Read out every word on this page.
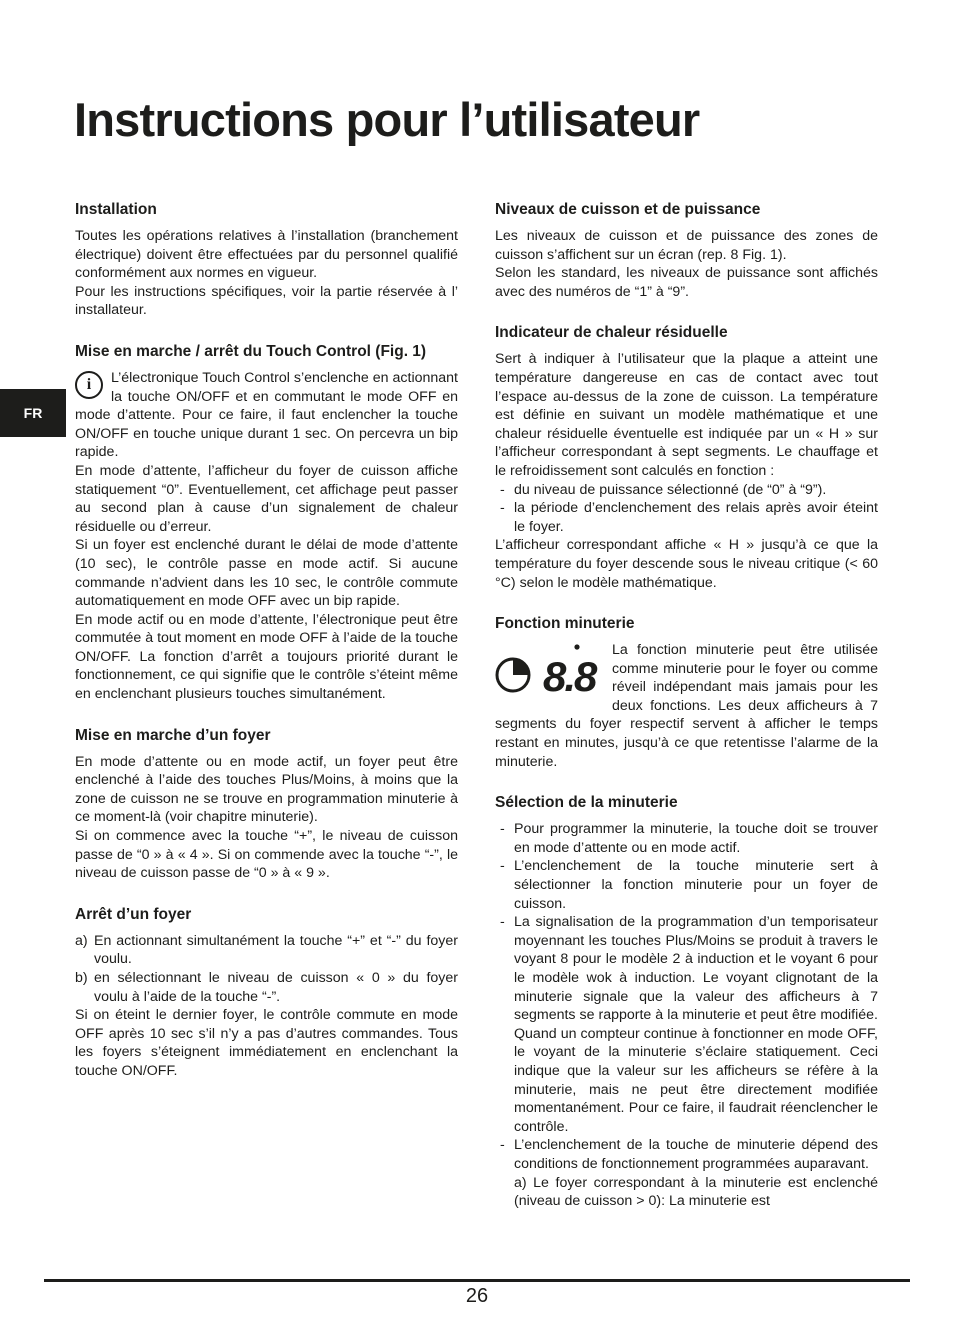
Instructions pour l’utilisateur
FR
Installation

Toutes les opérations relatives à l’installation (branchement électrique) doivent être effectuées par du personnel qualifié conformément aux normes en vigueur.

Pour les instructions spécifiques, voir la partie réservée à l’ installateur.

Mise en marche / arrêt du Touch Control (Fig. 1)

i L’électronique Touch Control s’enclenche en actionnant la touche ON/OFF et en commutant le mode OFF en mode d’attente. Pour ce faire, il faut enclencher la touche ON/OFF en touche unique durant 1 sec. On percevra un bip rapide.

En mode d’attente, l’afficheur du foyer de cuisson affiche statiquement “0”. Eventuellement, cet affichage peut passer au second plan à cause d’un signalement de chaleur résiduelle ou d’erreur.

Si un foyer est enclenché durant le délai de mode d’attente (10 sec), le contrôle passe en mode actif. Si aucune commande n’advient dans les 10 sec, le contrôle commute automatiquement en mode OFF avec un bip rapide.

En mode actif ou en mode d’attente, l’électronique peut être commutée à tout moment en mode OFF à l’aide de la touche ON/OFF. La fonction d’arrêt a toujours priorité durant le fonctionnement, ce qui signifie que le contrôle s’éteint même en enclenchant plusieurs touches simultanément.

Mise en marche d’un foyer

En mode d’attente ou en mode actif, un foyer peut être enclenché à l’aide des touches Plus/Moins, à moins que la zone de cuisson ne se trouve en programmation minuterie à ce moment-là (voir chapitre minuterie).

Si on commence avec la touche “+”, le niveau de cuisson passe de “0 » à « 4 ». Si on commende avec la touche “-”, le niveau de cuisson passe de “0 » à « 9 ».

Arrêt d’un foyer
a) En actionnant simultanément la touche “+” et “-” du foyer voulu.
b) en sélectionnant le niveau de cuisson « 0 » du foyer voulu à l’aide de la touche “-”.

Si on éteint le dernier foyer, le contrôle commute en mode OFF après 10 sec s’il n’y a pas d’autres commandes. Tous les foyers s’éteignent immédiatement en enclenchant la touche ON/OFF.

Niveaux de cuisson et de puissance

Les niveaux de cuisson et de puissance des zones de cuisson s’affichent sur un écran (rep. 8 Fig. 1).

Selon les standard, les niveaux de puissance sont affichés avec des numéros de “1” à “9”.

Indicateur de chaleur résiduelle

Sert à indiquer à l’utilisateur que la plaque a atteint une température dangereuse en cas de contact avec tout l’espace au-dessus de la zone de cuisson. La température est définie en suivant un modèle mathématique et une chaleur résiduelle éventuelle est indiquée par un « H » sur l’afficheur correspondant à sept segments. Le chauffage et le refroidissement sont calculés en fonction :

- du niveau de puissance sélectionné (de “0” à “9”).
- la période d’enclenchement des relais après avoir éteint le foyer.

L’afficheur correspondant affiche « H » jusqu’à ce que la température du foyer descende sous le niveau critique (< 60 °C) selon le modèle mathématique.

Fonction minuterie

8.8
La fonction minuterie peut être utilisée comme minuterie pour le foyer ou comme réveil indépendant mais jamais pour les deux fonctions. Les deux afficheurs à 7 segments du foyer respectif servent à afficher le temps restant en minutes, jusqu’à ce que retentisse l’alarme de la minuterie.

Sélection de la minuterie
- Pour programmer la minuterie, la touche doit se trouver en mode d’attente ou en mode actif.
- L’enclenchement de la touche minuterie sert à sélectionner la fonction minuterie pour un foyer de cuisson.
- La signalisation de la programmation d’un temporisateur moyennant les touches Plus/Moins se produit à travers le voyant 8 pour le modèle 2 à induction et le voyant 6 pour le modèle wok à induction. Le voyant clignotant de la minuterie signale que la valeur des afficheurs à 7 segments se rapporte à la minuterie et peut être modifiée. Quand un compteur continue à fonctionner en mode OFF, le voyant de la minuterie s’éclaire statiquement. Ceci indique que la valeur sur les afficheurs se réfère à la minuterie, mais ne peut être directement modifiée momentanément. Pour ce faire, il faudrait réenclencher le contrôle.
- L’enclenchement de la touche de minuterie dépend des conditions de fonctionnement programmées auparavant.

a) Le foyer correspondant à la minuterie est enclenché (niveau de cuisson > 0): La minuterie est

26
